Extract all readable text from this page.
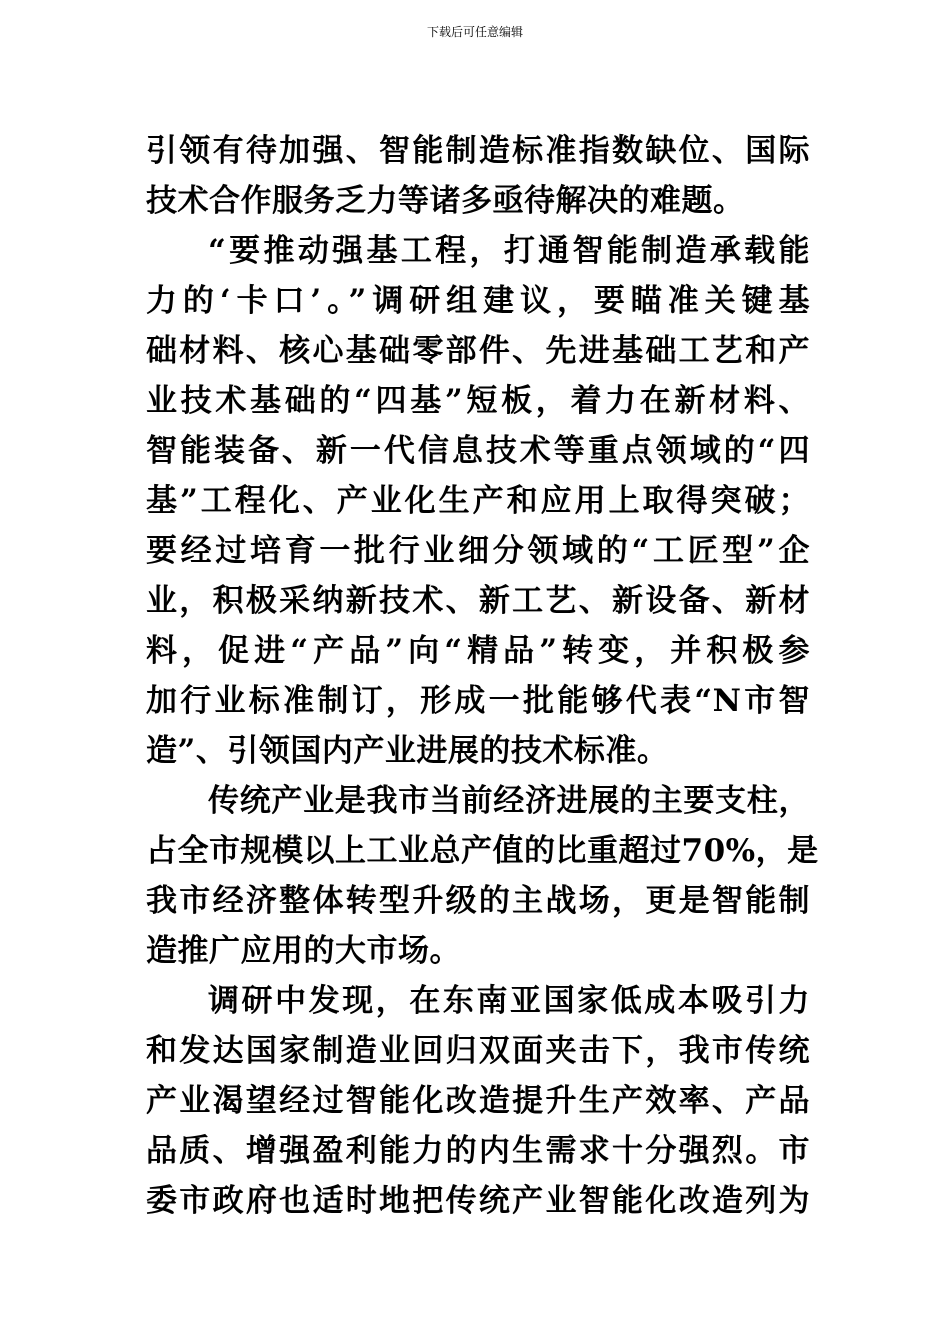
下载后可任意编辑
引领有待加强、智能制造标准指数缺位、国际
技术合作服务乏力等诸多亟待解决的难题。
“要推动强基工程，打通智能制造承载能
力的‘卡口’。”调研组建议，要瞄准关键基
础材料、核心基础零部件、先进基础工艺和产
业技术基础的“四基”短板，着力在新材料、
智能装备、新一代信息技术等重点领域的“四
基”工程化、产业化生产和应用上取得突破；
要经过培育一批行业细分领域的“工匠型”企
业，积极采纳新技术、新工艺、新设备、新材
料，促进“产品”向“精品”转变，并积极参
加行业标准制订，形成一批能够代表“N市智
造”、引领国内产业进展的技术标准。
传统产业是我市当前经济进展的主要支柱，
占全市规模以上工业总产值的比重超过70%，是
我市经济整体转型升级的主战场，更是智能制
造推广应用的大市场。
调研中发现，在东南亚国家低成本吸引力
和发达国家制造业回归双面夹击下，我市传统
产业渴望经过智能化改造提升生产效率、产品
品质、增强盈利能力的内生需求十分强烈。市
委市政府也适时地把传统产业智能化改造列为
